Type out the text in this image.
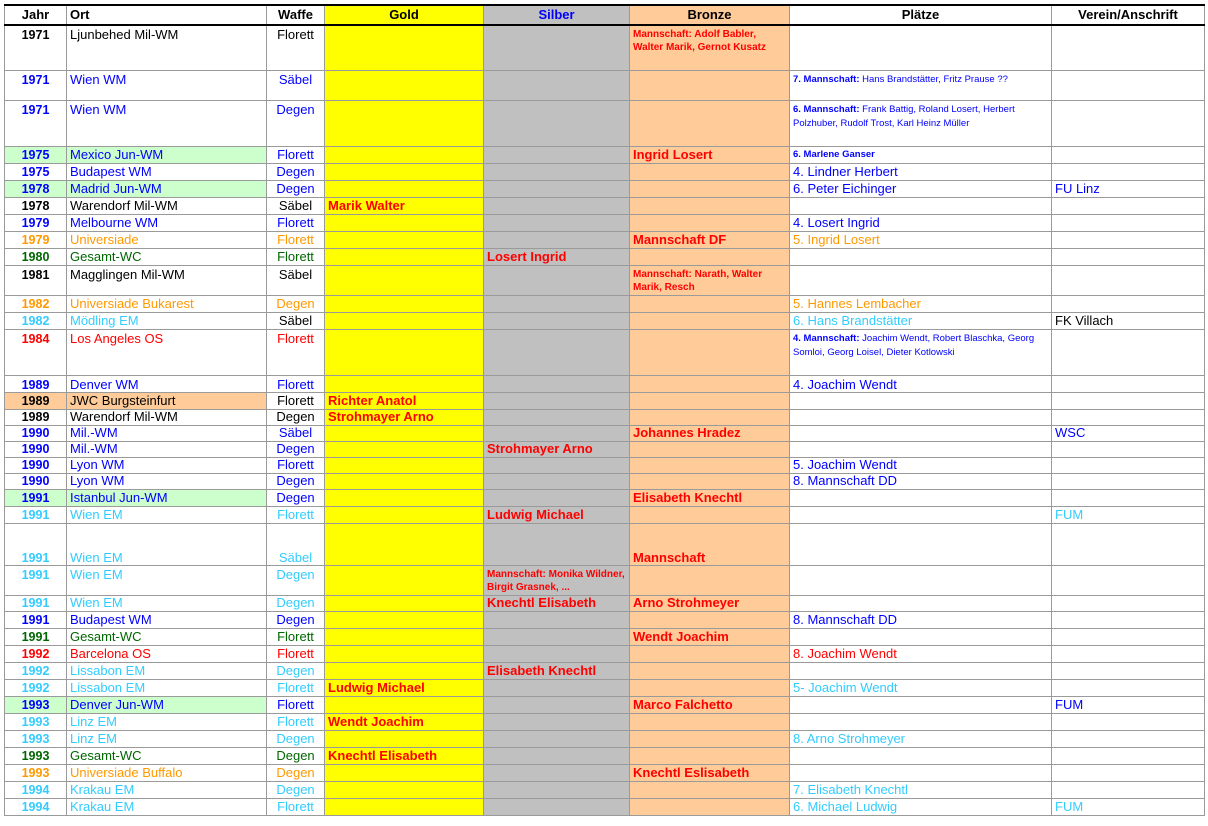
Jahr	Ort	Waffe	Gold	Silber	Bronze	Plätze	Verein/Anschrift
1971	Ljunbehed Mil-WM	Florett			Mannschaft: Adolf Babler, Walter Marik, Gernot Kusatz		
1971	Wien WM	Säbel				7. Mannschaft: Hans Brandstätter, Fritz Prause ??	
1971	Wien WM	Degen				6. Mannschaft: Frank Battig, Roland Losert, Herbert Polzhuber, Rudolf Trost, Karl Heinz Müller	
1975	Mexico Jun-WM	Florett			Ingrid Losert	6. Marlene Ganser	
1975	Budapest WM	Degen				4. Lindner Herbert	
1978	Madrid Jun-WM	Degen				6. Peter Eichinger	FU Linz
1978	Warendorf Mil-WM	Säbel	Marik Walter				
1979	Melbourne WM	Florett				4. Losert Ingrid	
1979	Universiade	Florett			Mannschaft DF	5. Ingrid Losert	
1980	Gesamt-WC	Florett		Losert Ingrid			
1981	Magglingen Mil-WM	Säbel			Mannschaft: Narath, Walter Marik, Resch		
1982	Universiade Bukarest	Degen				5. Hannes Lembacher	
1982	Mödling EM	Säbel				6. Hans Brandstätter	FK Villach
1984	Los Angeles OS	Florett				4. Mannschaft: Joachim Wendt, Robert Blaschka, Georg Somloi, Georg Loisel, Dieter Kotlowski	
1989	Denver WM	Florett				4. Joachim Wendt	
1989	JWC Burgsteinfurt	Florett	Richter Anatol				
1989	Warendorf Mil-WM	Degen	Strohmayer Arno				
1990	Mil.-WM	Säbel			Johannes Hradez		WSC
1990	Mil.-WM	Degen		Strohmayer Arno			
1990	Lyon WM	Florett				5. Joachim Wendt	
1990	Lyon WM	Degen				8. Mannschaft DD	
1991	Istanbul Jun-WM	Degen			Elisabeth Knechtl		
1991	Wien EM	Florett		Ludwig Michael			FUM
1991	Wien EM	Säbel			Mannschaft		
1991	Wien EM	Degen		Mannschaft: Monika Wildner, Birgit Grasnek, ...			
1991	Wien EM	Degen		Knechtl Elisabeth	Arno Strohmeyer		
1991	Budapest WM	Degen				8. Mannschaft DD	
1991	Gesamt-WC	Florett			Wendt Joachim		
1992	Barcelona OS	Florett				8. Joachim Wendt	
1992	Lissabon EM	Degen		Elisabeth Knechtl			
1992	Lissabon EM	Florett	Ludwig Michael			5- Joachim Wendt	
1993	Denver Jun-WM	Florett			Marco Falchetto		FUM
1993	Linz EM	Florett	Wendt Joachim				
1993	Linz EM	Degen				8. Arno Strohmeyer	
1993	Gesamt-WC	Degen	Knechtl Elisabeth				
1993	Universiade Buffalo	Degen			Knechtl Eslisabeth		
1994	Krakau EM	Degen				7. Elisabeth Knechtl	
1994	Krakau EM	Florett				6. Michael Ludwig	FUM
